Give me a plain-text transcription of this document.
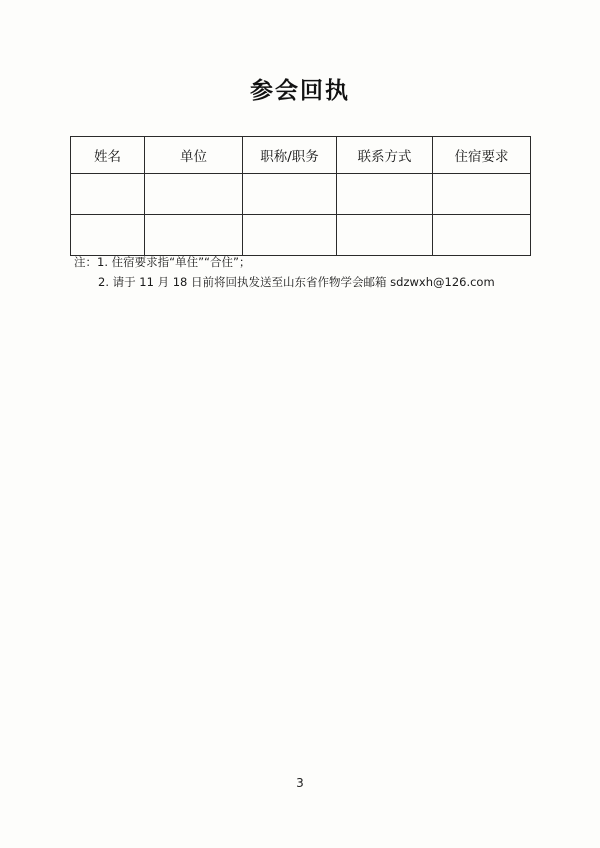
参会回执
姓名	单位	职称/职务	联系方式	住宿要求

注：1. 住宿要求指“单住”“合住”；
2. 请于 11 月 18 日前将回执发送至山东省作物学会邮箱 sdzwxh@126.com
3
